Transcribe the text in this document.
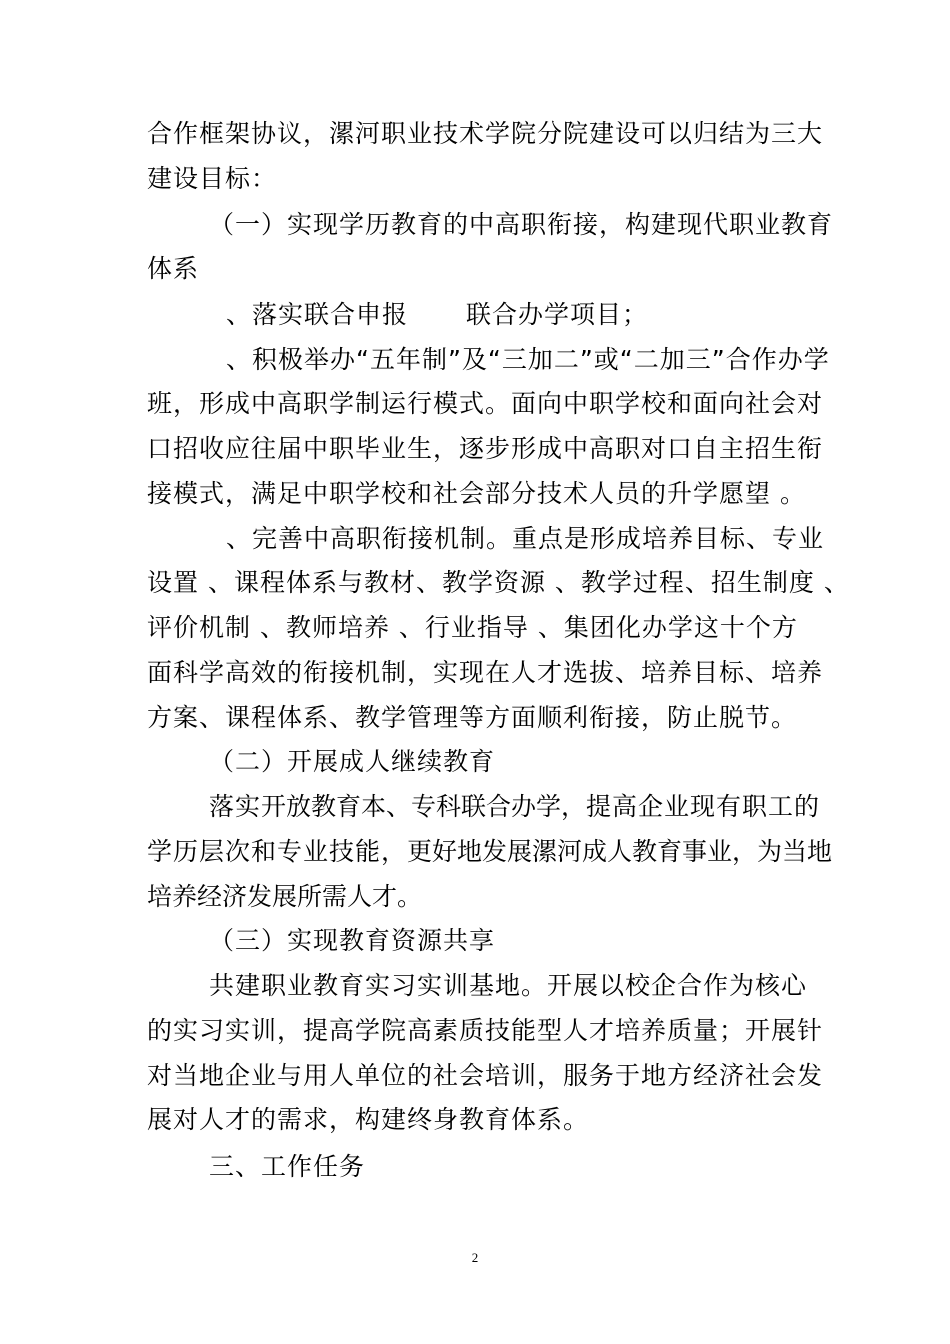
合作框架协议，漯河职业技术学院分院建设可以归结为三大

建设目标：

（一）实现学历教育的中高职衔接，构建现代职业教育

体系

、落实联合申报 联合办学项目；

、积极举办“五年制”及“三加二”或“二加三”合作办学

班，形成中高职学制运行模式。面向中职学校和面向社会对

口招收应往届中职毕业生，逐步形成中高职对口自主招生衔

接模式，满足中职学校和社会部分技术人员的升学愿望 。

、完善中高职衔接机制。重点是形成培养目标、专业

设置 、课程体系与教材、教学资源 、教学过程、招生制度 、

评价机制 、教师培养 、行业指导 、集团化办学这十个方

面科学高效的衔接机制，实现在人才选拔、培养目标、培养

方案、课程体系、教学管理等方面顺利衔接，防止脱节。

（二）开展成人继续教育

落实开放教育本、专科联合办学，提高企业现有职工的

学历层次和专业技能，更好地发展漯河成人教育事业，为当地

培养经济发展所需人才。

（三）实现教育资源共享

共建职业教育实习实训基地。开展以校企合作为核心

的实习实训，提高学院高素质技能型人才培养质量；开展针

对当地企业与用人单位的社会培训，服务于地方经济社会发

展对人才的需求，构建终身教育体系。

三、工作任务

2
